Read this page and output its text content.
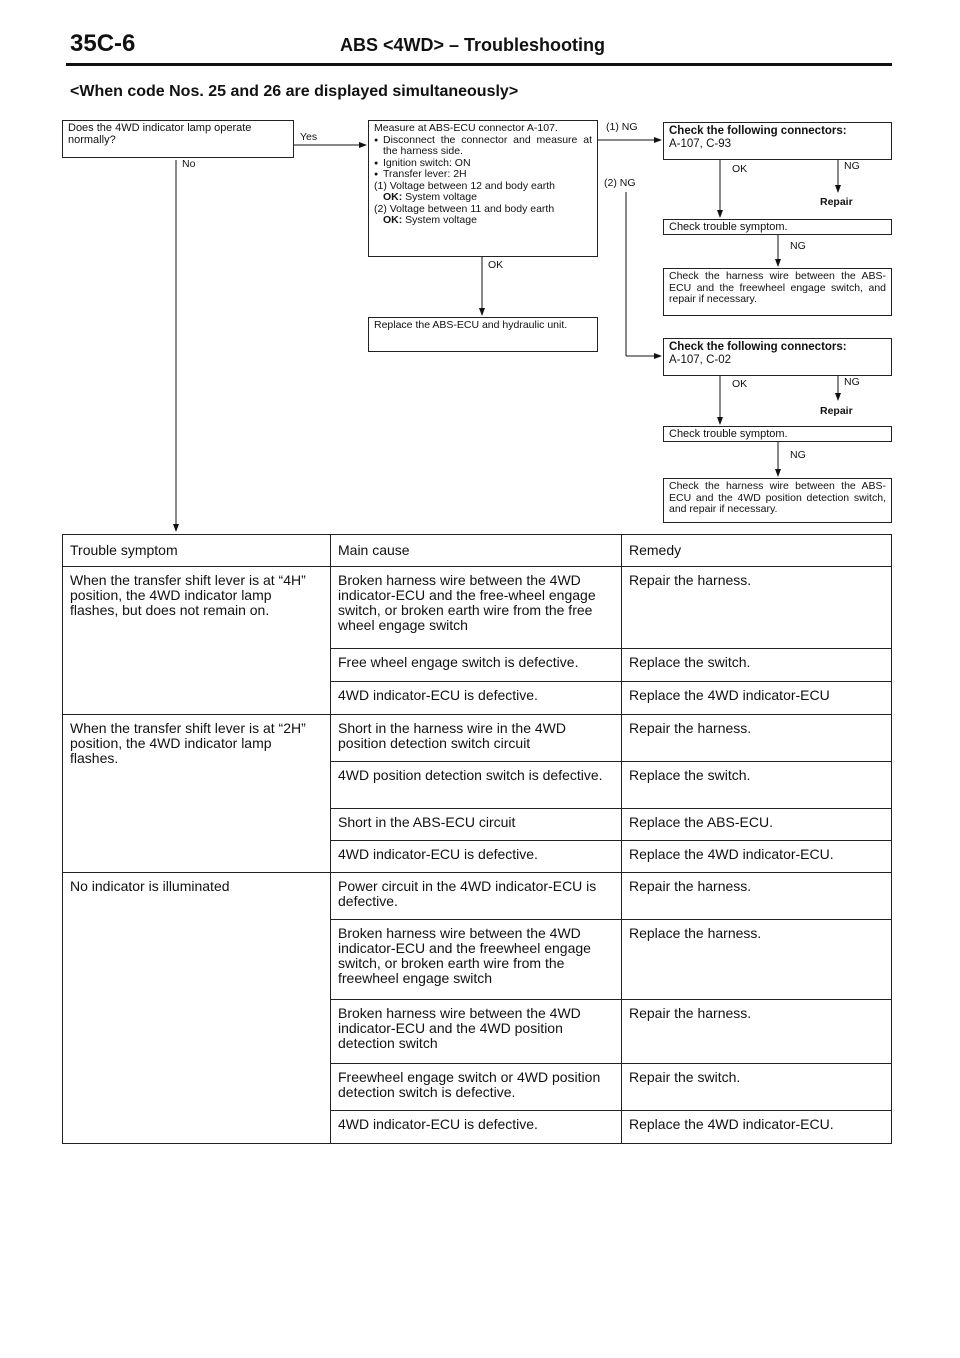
35C-6	ABS <4WD> – Troubleshooting
<When code Nos. 25 and 26 are displayed simultaneously>
Does the 4WD indicator lamp operate normally?	Yes
No
Measure at ABS-ECU connector A-107.
● Disconnect the connector and measure at the harness side.
● Ignition switch: ON
● Transfer lever: 2H
(1) Voltage between 12 and body earth
OK: System voltage
(2) Voltage between 11 and body earth
OK: System voltage
(1) NG
(2) NG
OK
Replace the ABS-ECU and hydraulic unit.
Check the following connectors:
A-107, C-93
OK	NG
Repair
Check trouble symptom.
NG
Check the harness wire between the ABS-ECU and the freewheel engage switch, and repair if necessary.
Check the following connectors:
A-107, C-02
OK	NG
Repair
Check trouble symptom.
NG
Check the harness wire between the ABS-ECU and the 4WD position detection switch, and repair if necessary.
Trouble symptom	Main cause	Remedy
When the transfer shift lever is at “4H” position, the 4WD indicator lamp flashes, but does not remain on.	Broken harness wire between the 4WD indicator-ECU and the free-wheel engage switch, or broken earth wire from the free wheel engage switch	Repair the harness.
	Free wheel engage switch is defective.	Replace the switch.
	4WD indicator-ECU is defective.	Replace the 4WD indicator-ECU
When the transfer shift lever is at “2H” position, the 4WD indicator lamp flashes.	Short in the harness wire in the 4WD position detection switch circuit	Repair the harness.
	4WD position detection switch is defective.	Replace the switch.
	Short in the ABS-ECU circuit	Replace the ABS-ECU.
	4WD indicator-ECU is defective.	Replace the 4WD indicator-ECU.
No indicator is illuminated	Power circuit in the 4WD indicator-ECU is defective.	Repair the harness.
	Broken harness wire between the 4WD indicator-ECU and the freewheel engage switch, or broken earth wire from the freewheel engage switch	Replace the harness.
	Broken harness wire between the 4WD indicator-ECU and the 4WD position detection switch	Repair the harness.
	Freewheel engage switch or 4WD position detection switch is defective.	Repair the switch.
	4WD indicator-ECU is defective.	Replace the 4WD indicator-ECU.
